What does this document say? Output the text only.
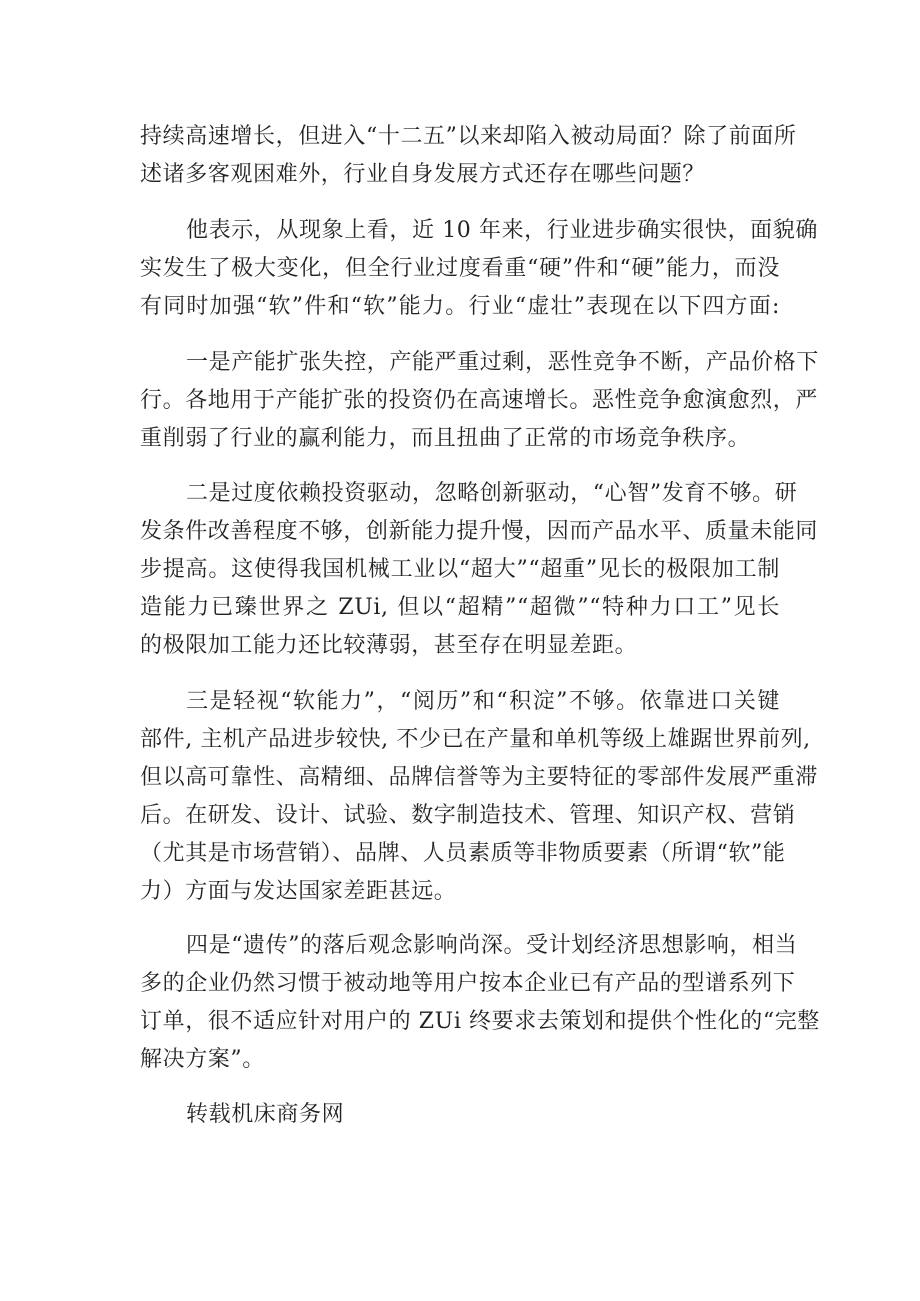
持续高速增长，但进入“十二五”以来却陷入被动局面？除了前面所
述诸多客观困难外，行业自身发展方式还存在哪些问题？
他表示，从现象上看，近 10 年来，行业进步确实很快，面貌确
实发生了极大变化，但全行业过度看重“硬”件和“硬”能力，而没
有同时加强“软”件和“软”能力。行业“虚壮”表现在以下四方面:
一是产能扩张失控，产能严重过剩，恶性竞争不断，产品价格下
行。各地用于产能扩张的投资仍在高速增长。恶性竞争愈演愈烈，严
重削弱了行业的赢利能力，而且扭曲了正常的市场竞争秩序。
二是过度依赖投资驱动，忽略创新驱动，“心智”发育不够。研
发条件改善程度不够，创新能力提升慢，因而产品水平、质量未能同
步提高。这使得我国机械工业以“超大”“超重”见长的极限加工制
造能力已臻世界之 ZUi, 但以“超精”“超微”“特种力口工”见长
的极限加工能力还比较薄弱，甚至存在明显差距。
三是轻视“软能力”，“阅历”和“积淀”不够。依靠进口关键
部件, 主机产品进步较快, 不少已在产量和单机等级上雄踞世界前列,
但以高可靠性、高精细、品牌信誉等为主要特征的零部件发展严重滞
后。在研发、设计、试验、数字制造技术、管理、知识产权、营销
（尤其是市场营销）、品牌、人员素质等非物质要素（所谓“软”能
力）方面与发达国家差距甚远。
四是“遗传”的落后观念影响尚深。受计划经济思想影响，相当
多的企业仍然习惯于被动地等用户按本企业已有产品的型谱系列下
订单，很不适应针对用户的 ZUi 终要求去策划和提供个性化的“完整
解决方案”。
转载机床商务网
